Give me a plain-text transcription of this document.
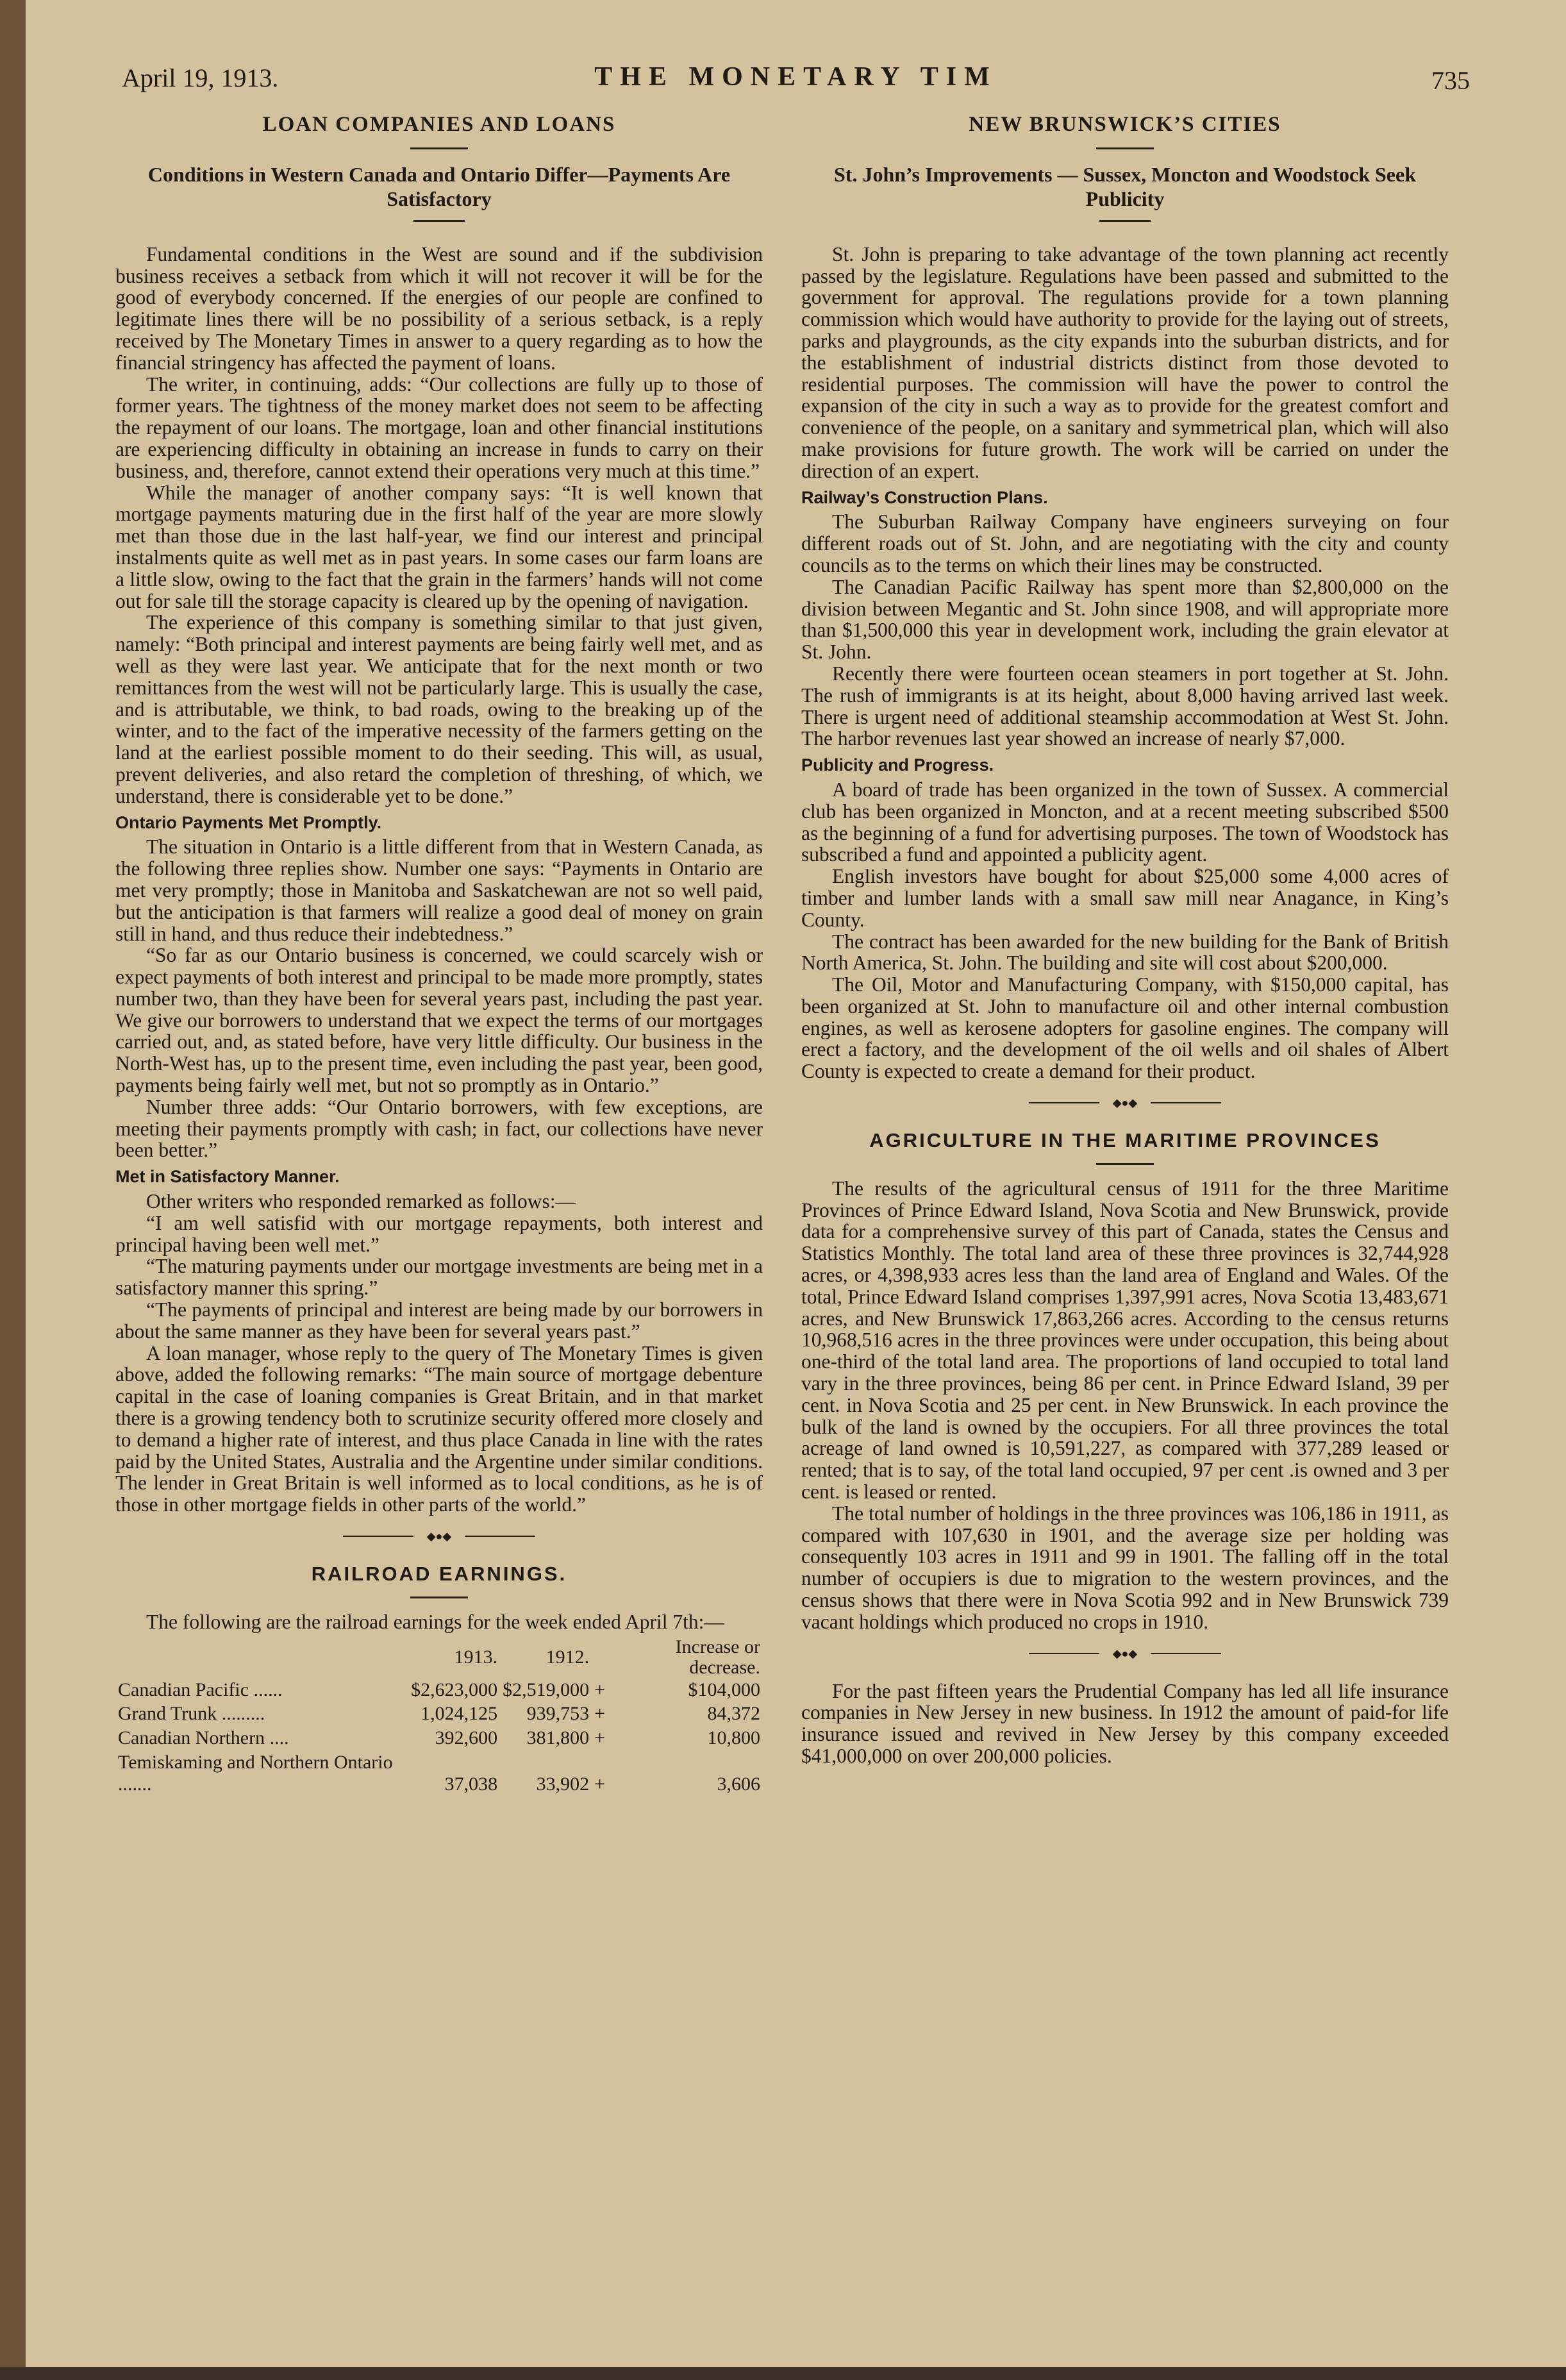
April 19, 1913.	THE MONETARY TIM	735
LOAN COMPANIES AND LOANS
Conditions in Western Canada and Ontario Differ—Payments Are Satisfactory

Fundamental conditions in the West are sound and if the subdivision business receives a setback from which it will not recover it will be for the good of everybody concerned. If the energies of our people are confined to legitimate lines there will be no possibility of a serious setback, is a reply received by The Monetary Times in answer to a query regarding as to how the financial stringency has affected the payment of loans.

The writer, in continuing, adds: “Our collections are fully up to those of former years. The tightness of the money market does not seem to be affecting the repayment of our loans. The mortgage, loan and other financial institutions are experiencing difficulty in obtaining an increase in funds to carry on their business, and, therefore, cannot extend their operations very much at this time.”

While the manager of another company says: “It is well known that mortgage payments maturing due in the first half of the year are more slowly met than those due in the last half-year, we find our interest and principal instalments quite as well met as in past years. In some cases our farm loans are a little slow, owing to the fact that the grain in the farmers’ hands will not come out for sale till the storage capacity is cleared up by the opening of navigation.

The experience of this company is something similar to that just given, namely: “Both principal and interest payments are being fairly well met, and as well as they were last year. We anticipate that for the next month or two remittances from the west will not be particularly large. This is usually the case, and is attributable, we think, to bad roads, owing to the breaking up of the winter, and to the fact of the imperative necessity of the farmers getting on the land at the earliest possible moment to do their seeding. This will, as usual, prevent deliveries, and also retard the completion of threshing, of which, we understand, there is considerable yet to be done.”

Ontario Payments Met Promptly.

The situation in Ontario is a little different from that in Western Canada, as the following three replies show. Number one says: “Payments in Ontario are met very promptly; those in Manitoba and Saskatchewan are not so well paid, but the anticipation is that farmers will realize a good deal of money on grain still in hand, and thus reduce their indebtedness.”

“So far as our Ontario business is concerned, we could scarcely wish or expect payments of both interest and principal to be made more promptly, states number two, than they have been for several years past, including the past year. We give our borrowers to understand that we expect the terms of our mortgages carried out, and, as stated before, have very little difficulty. Our business in the North-West has, up to the present time, even including the past year, been good, payments being fairly well met, but not so promptly as in Ontario.”

Number three adds: “Our Ontario borrowers, with few exceptions, are meeting their payments promptly with cash; in fact, our collections have never been better.”

Met in Satisfactory Manner.

Other writers who responded remarked as follows:—

“I am well satisfid with our mortgage repayments, both interest and principal having been well met.”

“The maturing payments under our mortgage investments are being met in a satisfactory manner this spring.”

“The payments of principal and interest are being made by our borrowers in about the same manner as they have been for several years past.”

A loan manager, whose reply to the query of The Monetary Times is given above, added the following remarks: “The main source of mortgage debenture capital in the case of loaning companies is Great Britain, and in that market there is a growing tendency both to scrutinize security offered more closely and to demand a higher rate of interest, and thus place Canada in line with the rates paid by the United States, Australia and the Argentine under similar conditions. The lender in Great Britain is well informed as to local conditions, as he is of those in other mortgage fields in other parts of the world.”

◆●◆
RAILROAD EARNINGS.

The following are the railroad earnings for the week ended April 7th:—

	1913.	1912.		Increase or decrease.
Canadian Pacific ......	$2,623,000	$2,519,000	+	$104,000
Grand Trunk .........	1,024,125	939,753	+	84,372
Canadian Northern ....	392,600	381,800	+	10,800
Temiskaming and Northern Ontario .......	37,038	33,902	+	3,606
NEW BRUNSWICK’S CITIES
St. John’s Improvements — Sussex, Moncton and Woodstock Seek Publicity

St. John is preparing to take advantage of the town planning act recently passed by the legislature. Regulations have been passed and submitted to the government for approval. The regulations provide for a town planning commission which would have authority to provide for the laying out of streets, parks and playgrounds, as the city expands into the suburban districts, and for the establishment of industrial districts distinct from those devoted to residential purposes. The commission will have the power to control the expansion of the city in such a way as to provide for the greatest comfort and convenience of the people, on a sanitary and symmetrical plan, which will also make provisions for future growth. The work will be carried on under the direction of an expert.

Railway’s Construction Plans.

The Suburban Railway Company have engineers surveying on four different roads out of St. John, and are negotiating with the city and county councils as to the terms on which their lines may be constructed.

The Canadian Pacific Railway has spent more than $2,800,000 on the division between Megantic and St. John since 1908, and will appropriate more than $1,500,000 this year in development work, including the grain elevator at St. John.

Recently there were fourteen ocean steamers in port together at St. John. The rush of immigrants is at its height, about 8,000 having arrived last week. There is urgent need of additional steamship accommodation at West St. John. The harbor revenues last year showed an increase of nearly $7,000.

Publicity and Progress.

A board of trade has been organized in the town of Sussex. A commercial club has been organized in Moncton, and at a recent meeting subscribed $500 as the beginning of a fund for advertising purposes. The town of Woodstock has subscribed a fund and appointed a publicity agent.

English investors have bought for about $25,000 some 4,000 acres of timber and lumber lands with a small saw mill near Anagance, in King’s County.

The contract has been awarded for the new building for the Bank of British North America, St. John. The building and site will cost about $200,000.

The Oil, Motor and Manufacturing Company, with $150,000 capital, has been organized at St. John to manufacture oil and other internal combustion engines, as well as kerosene adopters for gasoline engines. The company will erect a factory, and the development of the oil wells and oil shales of Albert County is expected to create a demand for their product.

◆●◆
AGRICULTURE IN THE MARITIME PROVINCES

The results of the agricultural census of 1911 for the three Maritime Provinces of Prince Edward Island, Nova Scotia and New Brunswick, provide data for a comprehensive survey of this part of Canada, states the Census and Statistics Monthly. The total land area of these three provinces is 32,744,928 acres, or 4,398,933 acres less than the land area of England and Wales. Of the total, Prince Edward Island comprises 1,397,991 acres, Nova Scotia 13,483,671 acres, and New Brunswick 17,863,266 acres. According to the census returns 10,968,516 acres in the three provinces were under occupation, this being about one-third of the total land area. The proportions of land occupied to total land vary in the three provinces, being 86 per cent. in Prince Edward Island, 39 per cent. in Nova Scotia and 25 per cent. in New Brunswick. In each province the bulk of the land is owned by the occupiers. For all three provinces the total acreage of land owned is 10,591,227, as compared with 377,289 leased or rented; that is to say, of the total land occupied, 97 per cent .is owned and 3 per cent. is leased or rented.

The total number of holdings in the three provinces was 106,186 in 1911, as compared with 107,630 in 1901, and the average size per holding was consequently 103 acres in 1911 and 99 in 1901. The falling off in the total number of occupiers is due to migration to the western provinces, and the census shows that there were in Nova Scotia 992 and in New Brunswick 739 vacant holdings which produced no crops in 1910.

◆●◆

For the past fifteen years the Prudential Company has led all life insurance companies in New Jersey in new business. In 1912 the amount of paid-for life insurance issued and revived in New Jersey by this company exceeded $41,000,000 on over 200,000 policies.
